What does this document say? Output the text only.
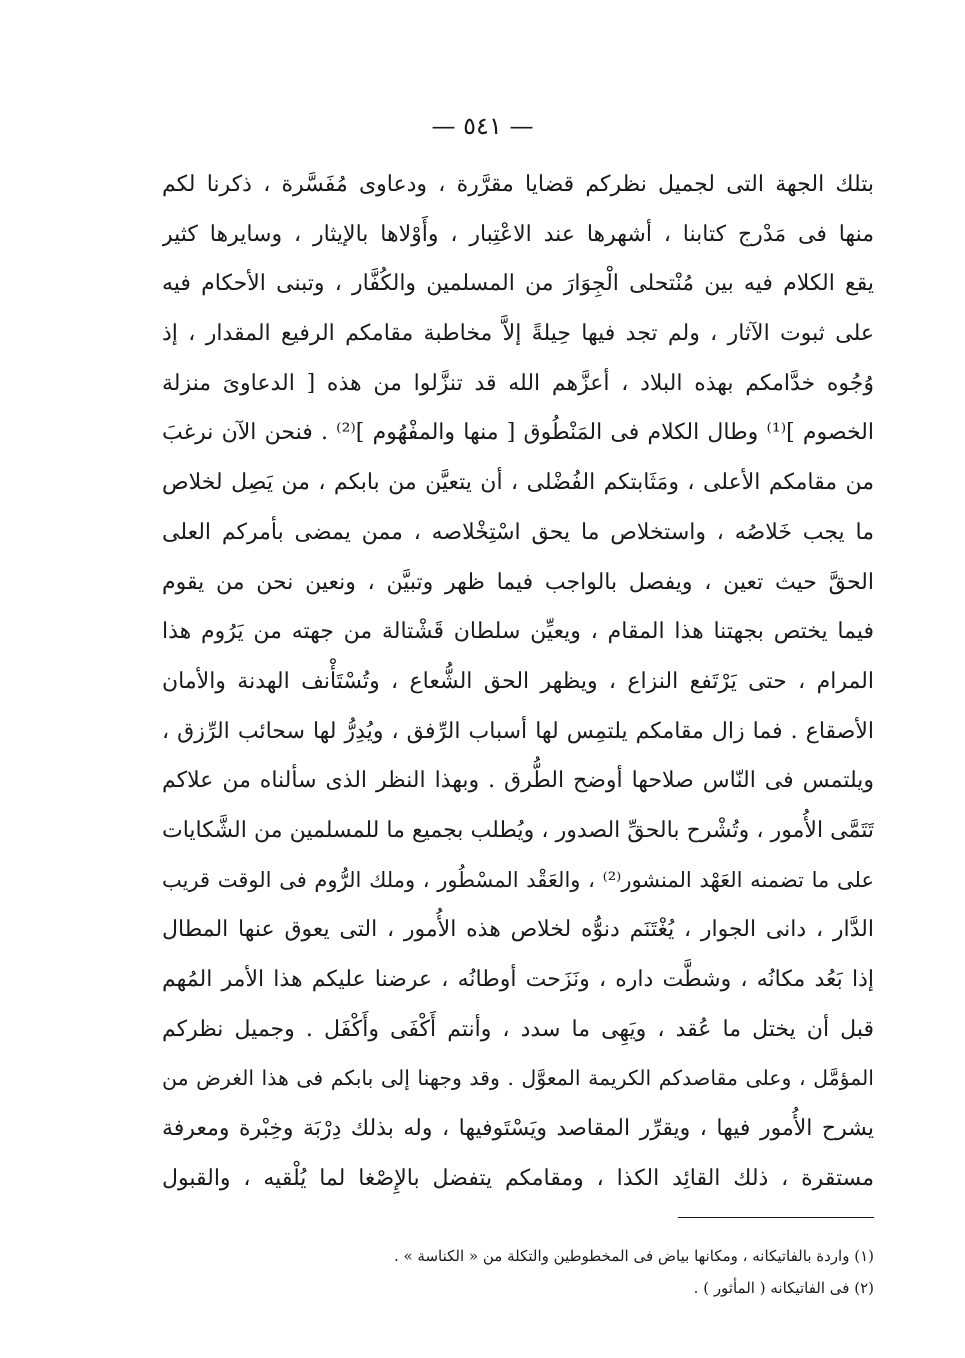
— ٥٤١ —
بتلك الجهة التى لجميل نظركم قضايا مقرَّرة ، ودعاوى مُفَسَّرة ، ذكرنا لكم
منها فى مَدْرج كتابنا ، أشهرها عند الاعْتِبار ، وأَوْلاها بالإيثار ، وسايرها كثير
يقع الكلام فيه بين مُنْتحلى الْجِوَارَ من المسلمين والكُفَّار ، وتبنى الأحكام فيه
على ثبوت الآثار ، ولم تجد فيها حِيلةً إلاَّ مخاطبة مقامكم الرفيع المقدار ، إذ
وُجُوه خدَّامكم بهذه البلاد ، أعزَّهم الله قد تنزَّلوا من هذه [ الدعاوىَ منزلة
الخصوم ]⁽¹⁾ وطال الكلام فى المَنْطُوق [ منها والمفْهُوم ]⁽²⁾ . فنحن الآن نرغبَ
من مقامكم الأعلى ، ومَثَابتكم الفُضْلى ، أن يتعيَّن من بابكم ، من يَصِل لخلاص
ما يجب خَلاصُه ، واستخلاص ما يحق اسْتِخْلاصه ، ممن يمضى بأمركم العلى
الحقَّ حيث تعين ، ويفصل بالواجب فيما ظهر وتبيَّن ، ونعين نحن من يقوم
فيما يختص بجهتنا هذا المقام ، ويعيِّن سلطان قَشْتالة من جهته من يَرُوم هذا
المرام ، حتى يَرْتَفع النزاع ، ويظهر الحق الشُّعاع ، وتُسْتَأْنف الهدنة والأمان
الأصقاع . فما زال مقامكم يلتمِس لها أسباب الرِّفق ، ويُدِرُّ لها سحائب الرِّزق ،
ويلتمس فى النّاس صلاحها أوضح الطُّرق . وبهذا النظر الذى سألناه من علاكم
تَتَمَّى الأُمور ، وتُشْرح بالحقِّ الصدور ، ويُطلب بجميع ما للمسلمين من الشَّكايات
على ما تضمنه العَهْد المنشور⁽²⁾ ، والعَقْد المسْطُور ، وملك الرُّوم فى الوقت قريب
الدَّار ، دانى الجوار ، يُغْتَنَم دنوُّه لخلاص هذه الأُمور ، التى يعوق عنها المطال
إذا بَعُد مكانُه ، وشطَّت داره ، ونَزَحت أوطانُه ، عرضنا عليكم هذا الأمر المُهم
قبل أن يختل ما عُقد ، ويَهِى ما سدد ، وأنتم أَكْفَى وأَكْفَل . وجميل نظركم
المؤمَّل ، وعلى مقاصدكم الكريمة المعوَّل . وقد وجهنا إلى بابكم فى هذا الغرض من
يشرح الأُمور فيها ، ويقرِّر المقاصد ويَسْتَوفيها ، وله بذلك دِرْبَة وخِبْرة ومعرفة
مستقرة ، ذلك القائِد الكذا ، ومقامكم يتفضل بالإِصْغا لما يُلْقيه ، والقبول
(١) واردة بالفاتيكانه ، ومكانها بياض فى المخطوطين والتكلة من « الكناسة » .
(٢) فى الفاتيكانه ( المأثور ) .
